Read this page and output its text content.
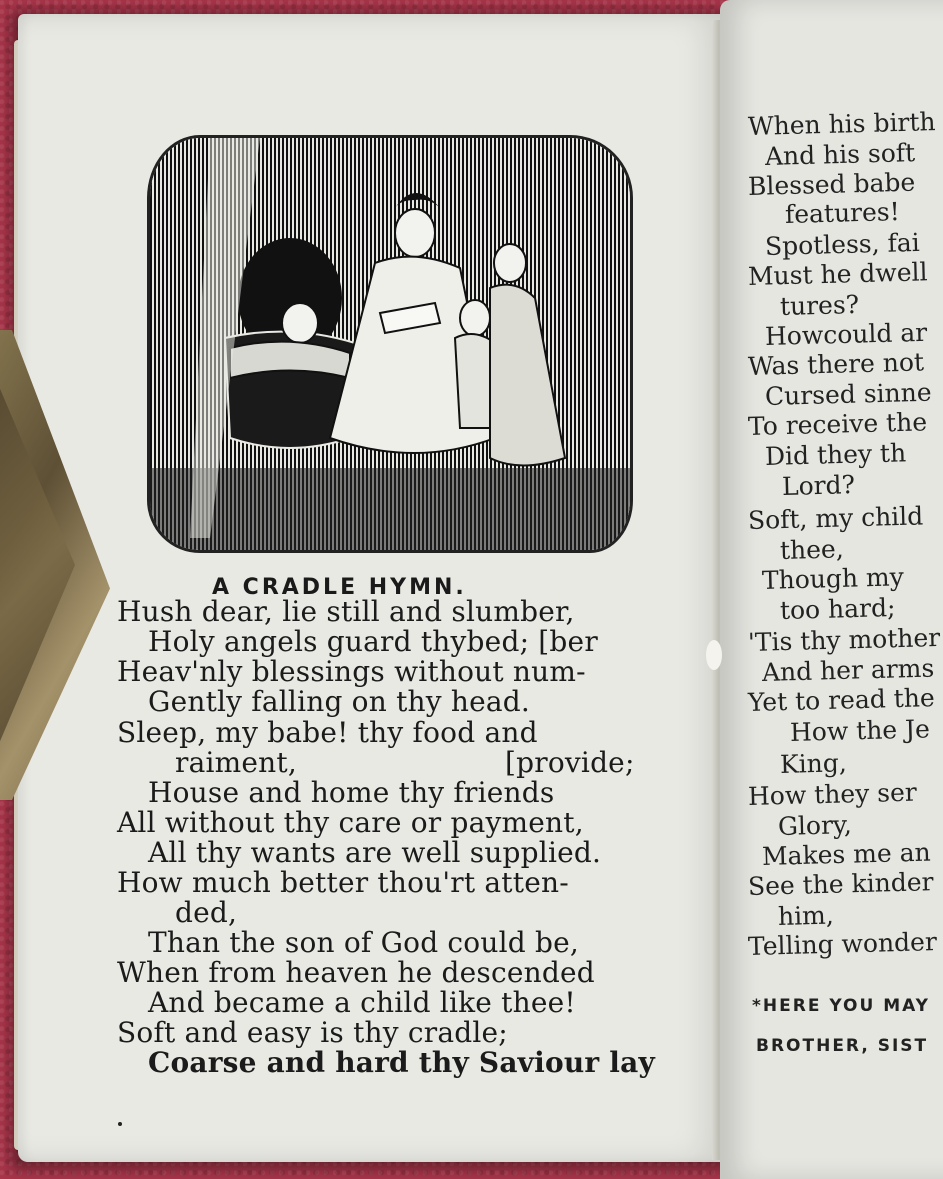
A CRADLE HYMN.
Hush dear, lie still and slumber,
Holy angels guard thybed; [ber
Heav'nly blessings without num-
Gently falling on thy head.
Sleep, my babe! thy food and
raiment,	[provide;
House and home thy friends
All without thy care or payment,
All thy wants are well supplied.
How much better thou'rt atten-
ded,
Than the son of God could be,
When from heaven he descended
And became a child like thee!
Soft and easy is thy cradle;
Coarse and hard thy Saviour lay
When his birth
And his soft
Blessed babe
features!
Spotless, fai
Must he dwell
tures?
Howcould ar
Was there not
Cursed sinne
To receive the
Did they th
Lord?
Soft, my child
thee,
Though my
too hard;
'Tis thy mother
And her arms
Yet to read the
How the Je
King,
How they ser
Glory,
Makes me an
See the kinder
him,
Telling wonder
*HERE YOU MAY
BROTHER, SIST
